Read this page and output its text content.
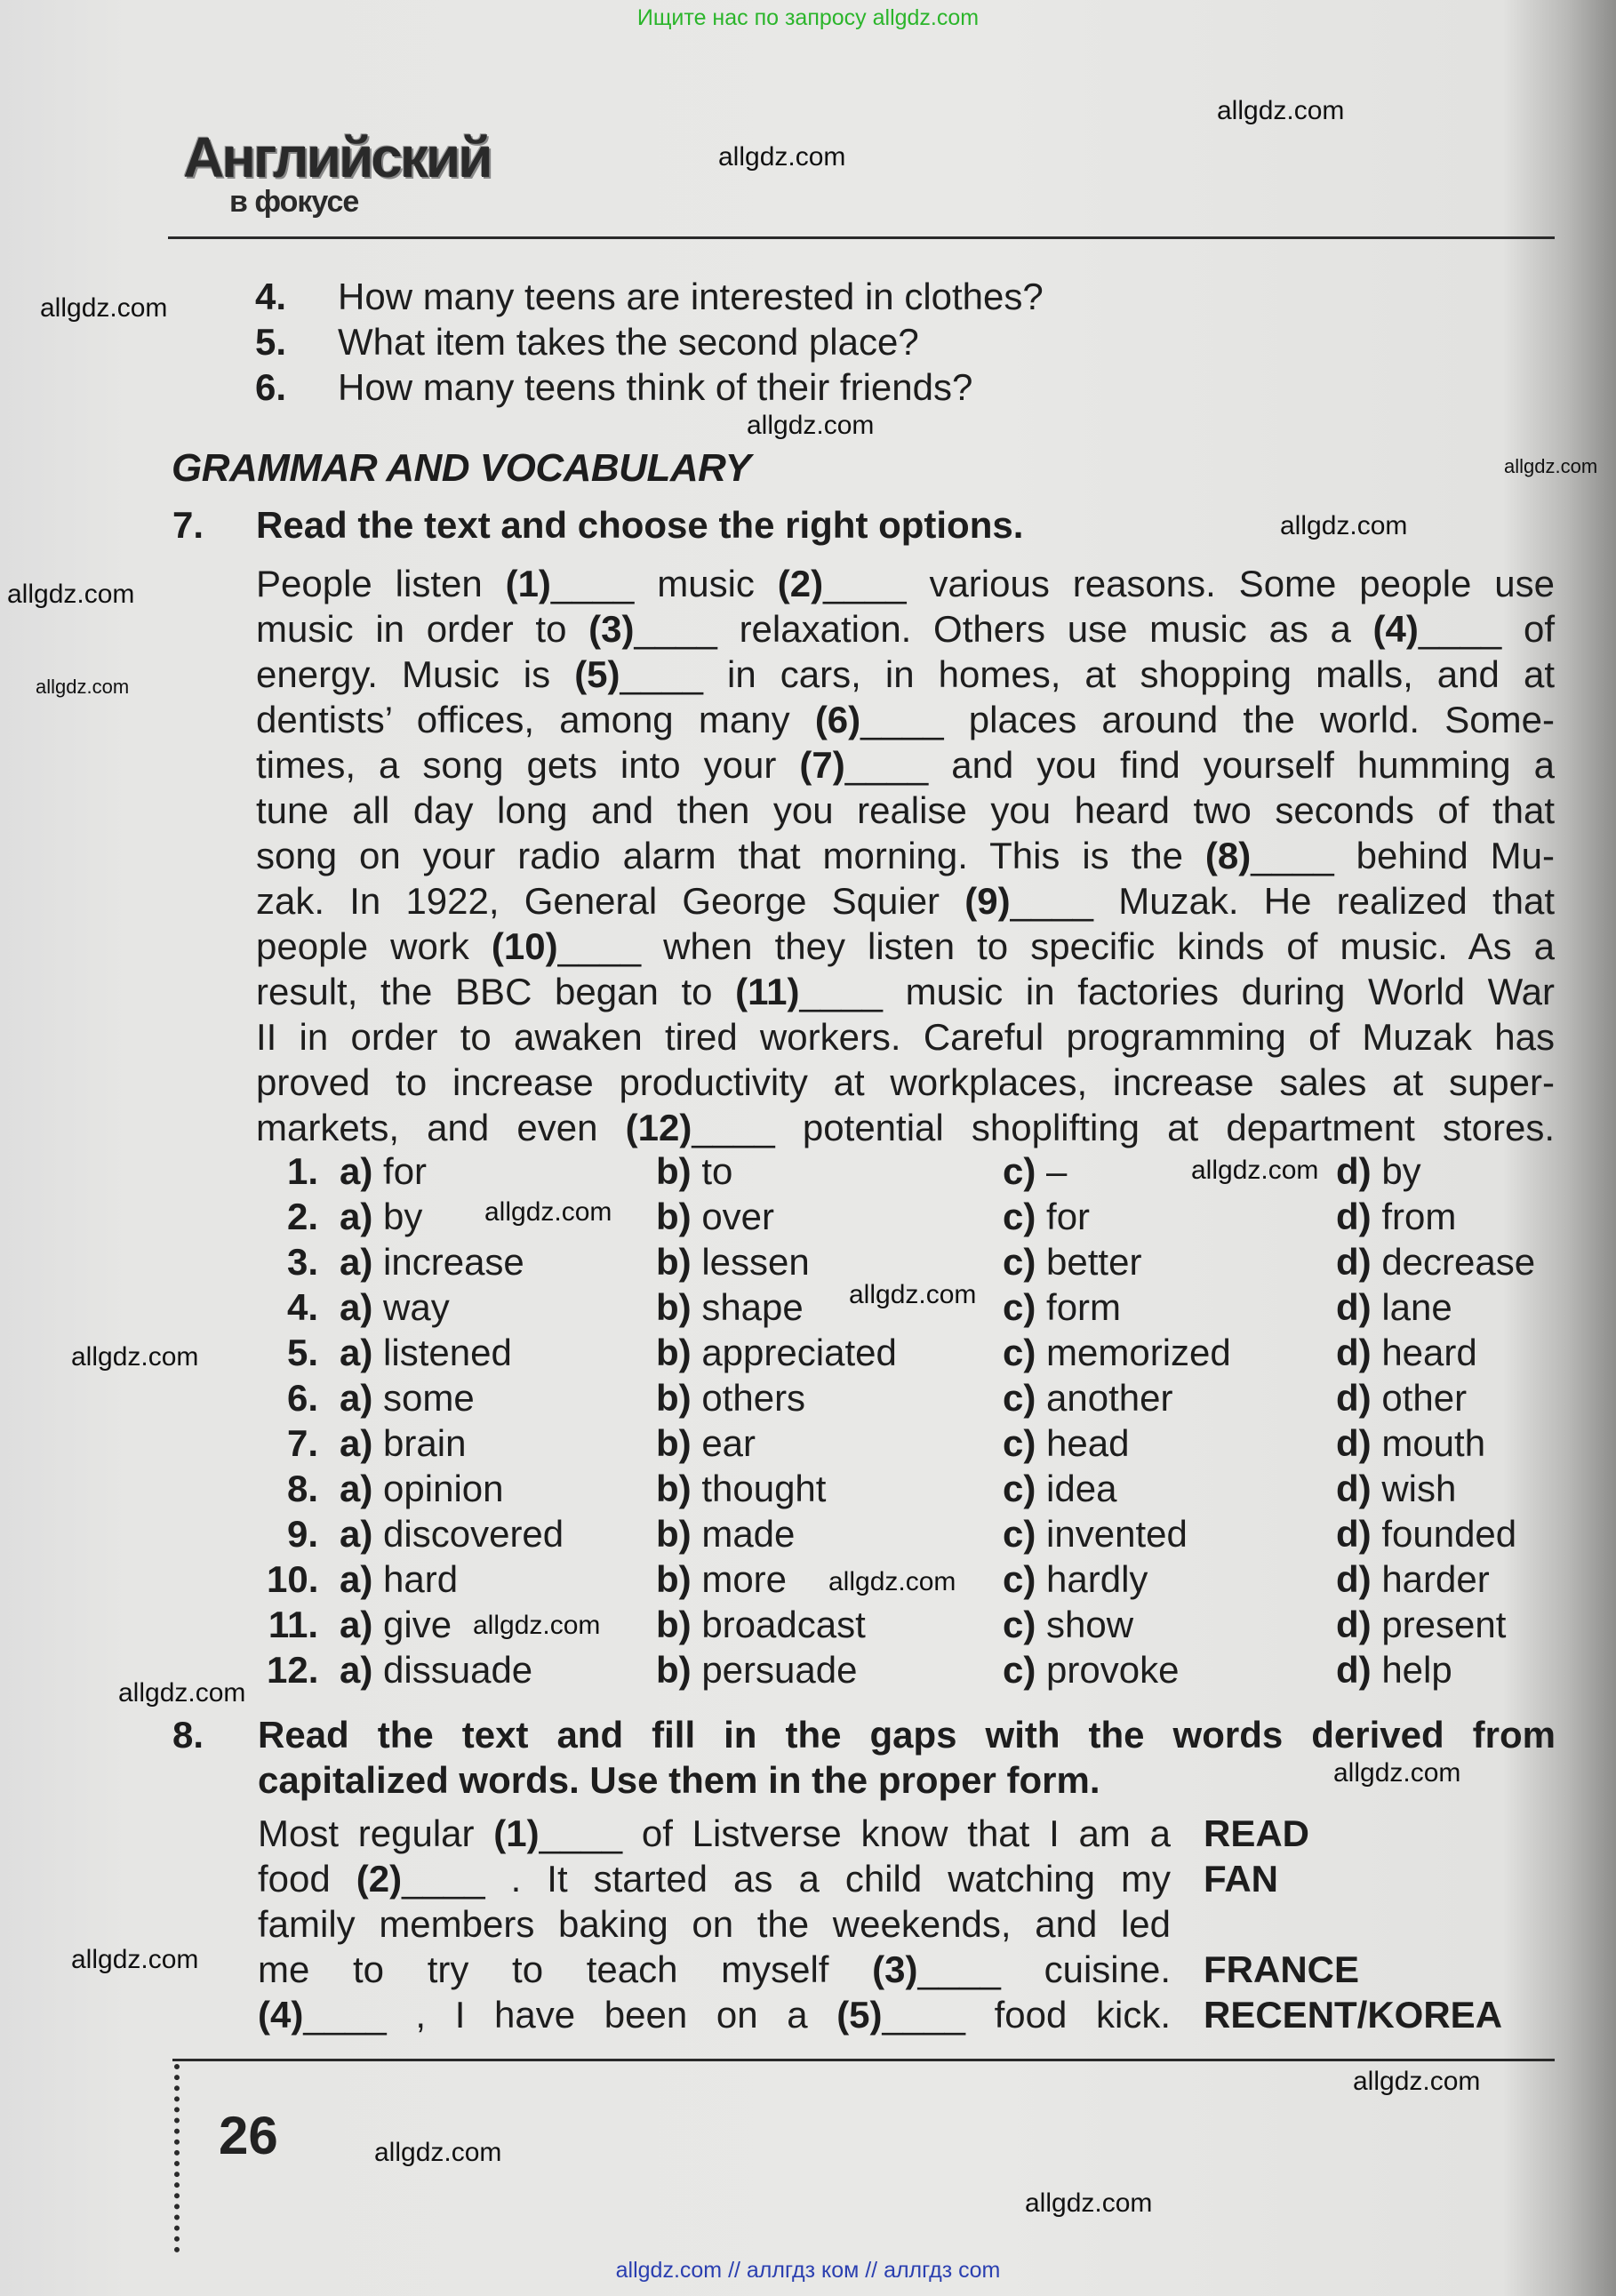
Ищите нас по запросу allgdz.com
Английский
в фокусе
4. How many teens are interested in clothes?
5. What item takes the second place?
6. How many teens think of their friends?
GRAMMAR AND VOCABULARY
7. Read the text and choose the right options.
People listen (1)____ music (2)____ various reasons. Some people use
music in order to (3)____ relaxation. Others use music as a (4)____ of
energy. Music is (5)____ in cars, in homes, at shopping malls, and at
dentists’ offices, among many (6)____ places around the world. Some-
times, a song gets into your (7)____ and you find yourself humming a
tune all day long and then you realise you heard two seconds of that
song on your radio alarm that morning. This is the (8)____ behind Mu-
zak. In 1922, General George Squier (9)____ Muzak. He realized that
people work (10)____ when they listen to specific kinds of music. As a
result, the BBC began to (11)____ music in factories during World War
II in order to awaken tired workers. Careful programming of Muzak has
proved to increase productivity at workplaces, increase sales at super-
markets, and even (12)____ potential shoplifting at department stores.
1. a) for	b) to	c) –	d) by
2. a) by	b) over	c) for	d) from
3. a) increase	b) lessen	c) better	d) decrease
4. a) way	b) shape	c) form	d) lane
5. a) listened	b) appreciated	c) memorized	d) heard
6. a) some	b) others	c) another	d) other
7. a) brain	b) ear	c) head	d) mouth
8. a) opinion	b) thought	c) idea	d) wish
9. a) discovered b) made	c) invented	d) founded
10. a) hard	b) more	c) hardly	d) harder
11. a) give	b) broadcast	c) show	d) present
12. a) dissuade	b) persuade	c) provoke	d) help
8. Read the text and fill in the gaps with the words derived from
capitalized words. Use them in the proper form.
Most regular (1)____ of Listverse know that I am a READ
food (2)____ . It started as a child watching my FAN
family members baking on the weekends, and led
me to try to teach myself (3)____ cuisine. FRANCE
(4)____ , I have been on a (5)____ food kick. RECENT/KOREA
26
allgdz.com
allgdz.com
allgdz.com
allgdz.com
allgdz.com
allgdz.com
allgdz.com
allgdz.com
allgdz.com
allgdz.com
allgdz.com
allgdz.com
allgdz.com
allgdz.com
allgdz.com
allgdz.com
allgdz.com
allgdz.com
allgdz.com
allgdz.com
allgdz.com // аллгдз ком // аллгдз com
